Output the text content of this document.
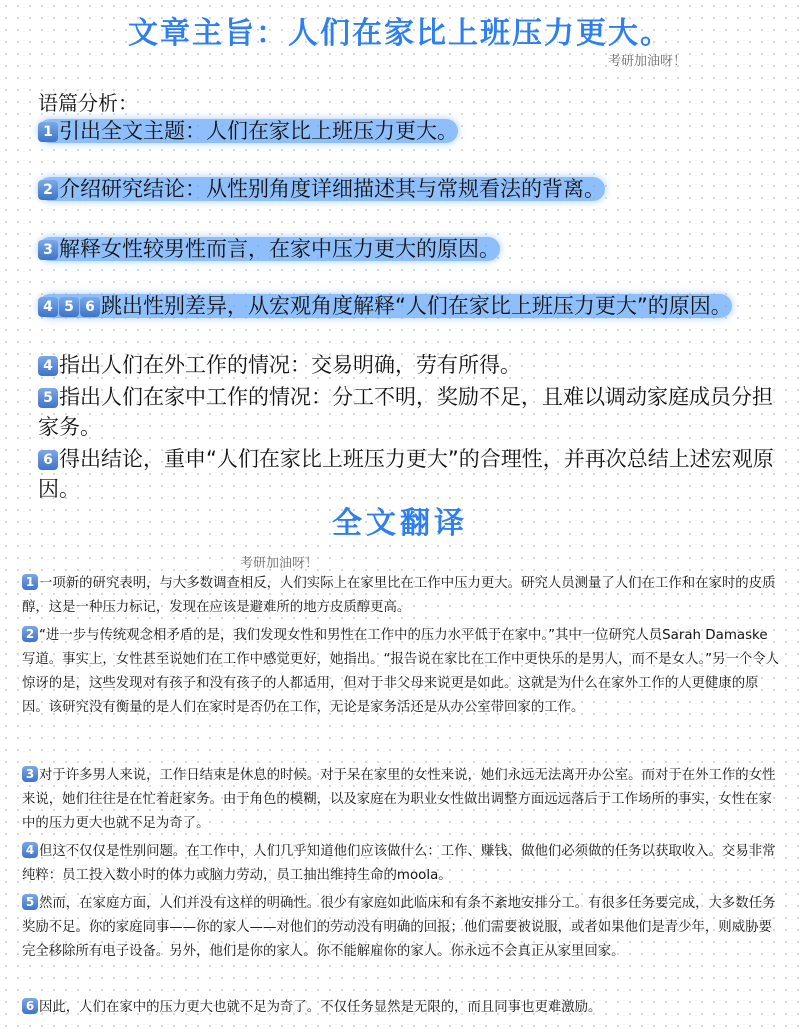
文章主旨：人们在家比上班压力更大。
考研加油呀！
语篇分析：

1 引出全文主题：人们在家比上班压力更大。

2 介绍研究结论：从性别角度详细描述其与常规看法的背离。

3 解释女性较男性而言，在家中压力更大的原因。

4 5 6 跳出性别差异，从宏观角度解释“人们在家比上班压力更大”的原因。

4 指出人们在外工作的情况：交易明确，劳有所得。

5 指出人们在家中工作的情况：分工不明，奖励不足，且难以调动家庭成员分担家务。

6 得出结论，重申“人们在家比上班压力更大”的合理性，并再次总结上述宏观原因。

全文翻译
考研加油呀！

1 一项新的研究表明，与大多数调查相反，人们实际上在家里比在工作中压力更大。研究人员测量了人们在工作和在家时的皮质醇，这是一种压力标记，发现在应该是避难所的地方皮质醇更高。

2 “进一步与传统观念相矛盾的是，我们发现女性和男性在工作中的压力水平低于在家中。”其中一位研究人员Sarah Damaske 写道。事实上，女性甚至说她们在工作中感觉更好，她指出。“报告说在家比在工作中更快乐的是男人，而不是女人。”另一个令人惊讶的是，这些发现对有孩子和没有孩子的人都适用，但对于非父母来说更是如此。这就是为什么在家外工作的人更健康的原因。该研究没有衡量的是人们在家时是否仍在工作，无论是家务活还是从办公室带回家的工作。

3 对于许多男人来说，工作日结束是休息的时候。对于呆在家里的女性来说，她们永远无法离开办公室。而对于在外工作的女性来说，她们往往是在忙着赶家务。由于角色的模糊，以及家庭在为职业女性做出调整方面远远落后于工作场所的事实，女性在家中的压力更大也就不足为奇了。

4 但这不仅仅是性别问题。在工作中，人们几乎知道他们应该做什么：工作、赚钱、做他们必须做的任务以获取收入。交易非常纯粹：员工投入数小时的体力或脑力劳动，员工抽出维持生命的moola。

5 然而，在家庭方面，人们并没有这样的明确性。很少有家庭如此临床和有条不紊地安排分工。有很多任务要完成，大多数任务奖励不足。你的家庭同事——你的家人——对他们的劳动没有明确的回报；他们需要被说服，或者如果他们是青少年，则威胁要完全移除所有电子设备。另外，他们是你的家人。你不能解雇你的家人。你永远不会真正从家里回家。

6 因此，人们在家中的压力更大也就不足为奇了。不仅任务显然是无限的，而且同事也更难激励。
